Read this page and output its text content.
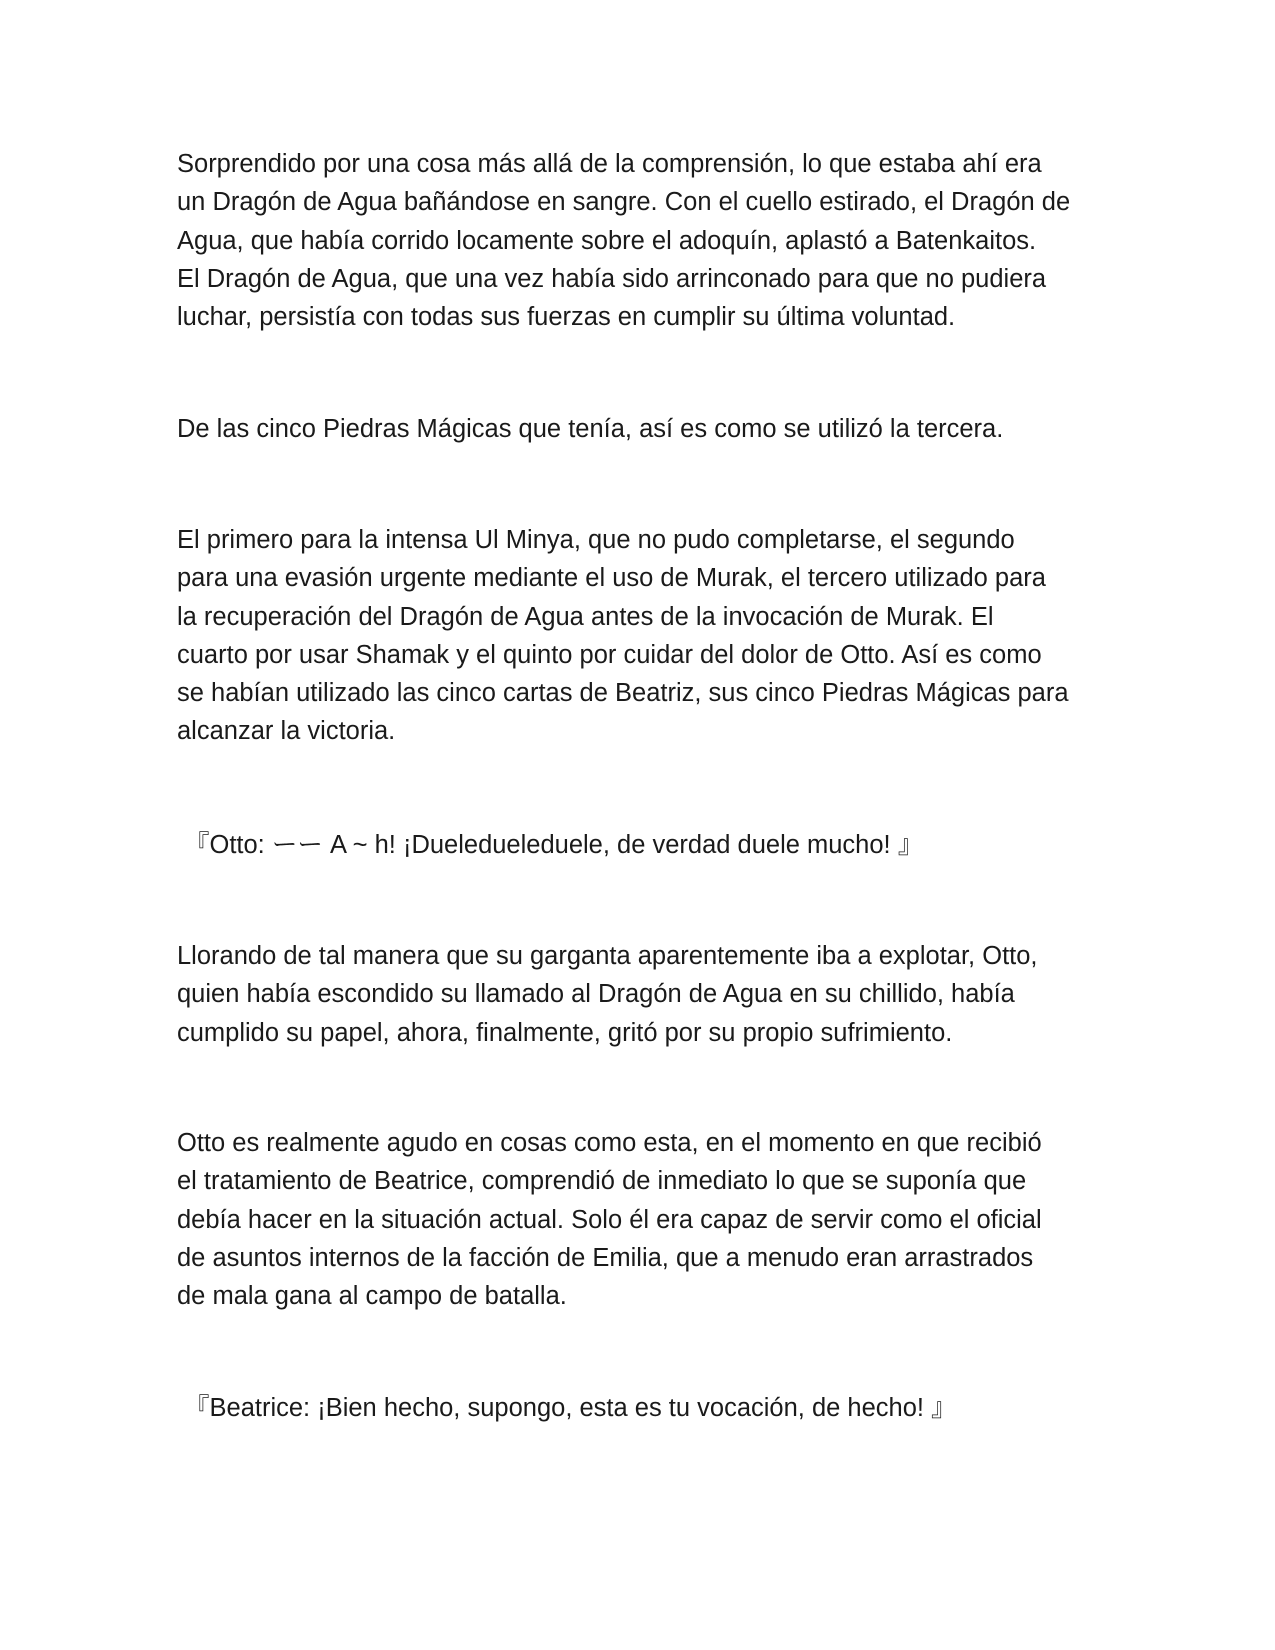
Sorprendido por una cosa más allá de la comprensión, lo que estaba ahí era
un Dragón de Agua bañándose en sangre. Con el cuello estirado, el Dragón de
Agua, que había corrido locamente sobre el adoquín, aplastó a Batenkaitos.
El Dragón de Agua, que una vez había sido arrinconado para que no pudiera
luchar, persistía con todas sus fuerzas en cumplir su última voluntad.

De las cinco Piedras Mágicas que tenía, así es como se utilizó la tercera.

El primero para la intensa Ul Minya, que no pudo completarse, el segundo
para una evasión urgente mediante el uso de Murak, el tercero utilizado para
la recuperación del Dragón de Agua antes de la invocación de Murak. El
cuarto por usar Shamak y el quinto por cuidar del dolor de Otto. Así es como
se habían utilizado las cinco cartas de Beatriz, sus cinco Piedras Mágicas para
alcanzar la victoria.

『Otto: ーー A ~ h! ¡Dueledueleduele, de verdad duele mucho! 』

Llorando de tal manera que su garganta aparentemente iba a explotar, Otto,
quien había escondido su llamado al Dragón de Agua en su chillido, había
cumplido su papel, ahora, finalmente, gritó por su propio sufrimiento.

Otto es realmente agudo en cosas como esta, en el momento en que recibió
el tratamiento de Beatrice, comprendió de inmediato lo que se suponía que
debía hacer en la situación actual. Solo él era capaz de servir como el oficial
de asuntos internos de la facción de Emilia, que a menudo eran arrastrados
de mala gana al campo de batalla.

『Beatrice: ¡Bien hecho, supongo, esta es tu vocación, de hecho! 』
